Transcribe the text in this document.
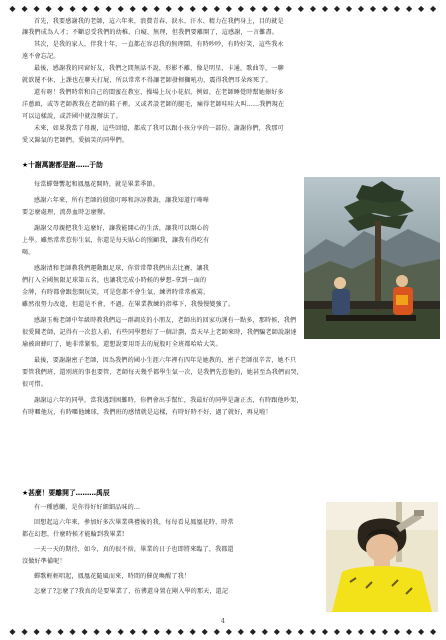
◆ ◆ ◆ ◆ ◆ ◆ ◆ ◆ ◆ ◆ ◆ ◆ ◆ ◆ ◆ ◆ ◆ ◆ ◆ ◆ ◆ ◆ ◆ ◆ ◆ ◆ ◆ ◆ ◆ ◆ ◆ ◆ ◆ ◆ ◆ ◆
◆ ◆ ◆ ◆ ◆ ◆ ◆ ◆ ◆ ◆ ◆ ◆ ◆ ◆ ◆ ◆ ◆ ◆ ◆ ◆ ◆ ◆ ◆ ◆ ◆ ◆ ◆ ◆ ◆ ◆ ◆ ◆ ◆ ◆ ◆ ◆
首先，我要感謝我的老師，這六年來，浪費青春、淚水、汗水、精力在我們身上，目的就是
讓我們成為人才；不斷忍受我們的幼稚、白癡、無理，但我們要離開了，這感謝，一言難盡。
其次，是我的家人，伴我十年，一直都在容忍我的無理鬧，有時吵吵，有時好笑，這些我永
遠不會忘記。
最後，感謝我的同窗好友，我們之間無話不說，形影不離，像是明星，卡通，歌曲等，一聊
就欲罷不休，上課也在聊天打屁，所以常常不得讓老師發揮獅吼功，震得我們耳朵疼死了。
還有呀！我們時常和自己的閨蜜在教室、操場上玩小花招，例如，在老師睡覺時幫她擦好多
洋蔥頭，或等老師教我在老師的鞋子裡，又或者設老師的腿毛，痛得老師哇哇大叫……我們現在
可以這樣說，或許國中就沒辦法了。
未來，如果我當了母親，這些回憶，都成了我可以跟小孩分享的一部份。謝謝你們，我那可
愛又錦氣的老師們、愛搞笑的同學們。
★十謝萬謝都是謝……于劼
每當蟬聲響起和鳳凰花開時，就是畢業季節。
感謝六年來，所有老師的殷殷叮嚀和諄諄教誨，讓我知道行嘩嘩
要怎麼處理，流鼻血時怎麼辦。
謝謝父母親把我生這麼好，讓我能開心的生活，讓我可以開心的
上學。雖然常常惹你生氣，你還是每天貼心的照顧我，讓我有得吃有
喝。
感謝清和老師教我們運動跟足球，你常常帶我們出去比賽，讓我
們打入全國無限足球第五名，也讓我完成小時候的夢想–拿到一面的
金牌，有時都會跟您開玩笑，可是您都不會生氣，練習時常常被罵，
雖然很努力改進，但還是不會，不過，在畢業教練的指導下，我慢慢變強了。
感謝玉梅老師中年級時教我們這一群調皮的小朋友，老師出的回家功課有一點多，那時候，我們
很愛聞老師，記得有一次惹人前，有些同學想好了一個計劃，當天早上老師來時，我們騙老師說謝達
瑜被窗蜂叮了，她非常緊張，還想說要用哥去的屁股叮全班都哈哈大笑。
最後，要謝謝密子老師，因為我們的國小生涯六年裡有四年是她教的，密子老師很辛苦，她不只
要管我們班，還別班的事也要管，老師每天幾乎都學生氣一次，是我們先惹他的，她甚至為我們而哭，
很可惜。
謝謝這六年的同學，當我遇到困難時，你們會出手幫忙，我最好的同學是謝正杰，有時跟他吵架，
有時暱他玩，有時暱他練球，我們班的感情就是這樣，有時好時不好，過了就好，再見啦！
★甚麼！要離開了………禹辰
有一種感觸，是你得好好細細品味的…
回想起這六年來，參加好多次畢業典禮後的我，每每看見鳳凰花時，時常
都在幻想，什麼時候才能輪到我畢業!
一天一天的期待，如今，真的很不捨，畢業的日子也即將來臨了，我都還
沒做好準備呢！
蟬歌輕輕唱起，鳳凰花隨風而來，時間的催促喚醒了我！
怎麼了?怎麼了?我真的是要畢業了，彷彿還身置在剛入學的那天，還記
4
